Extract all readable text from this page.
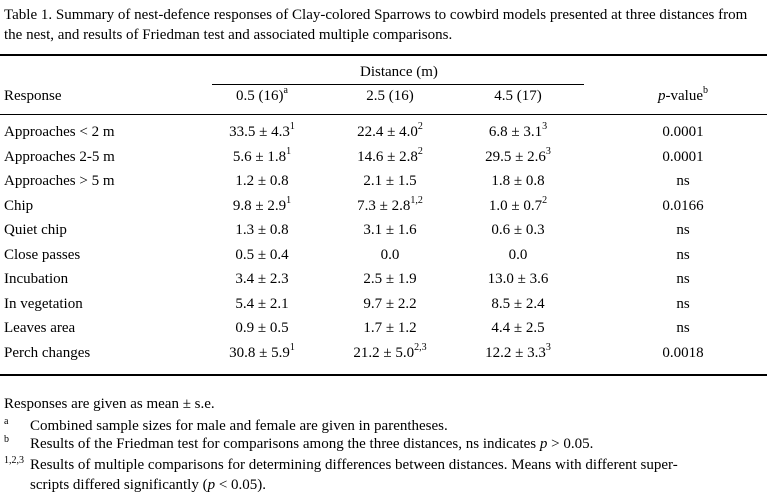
Table 1. Summary of nest-defence responses of Clay-colored Sparrows to cowbird models presented at three distances from the nest, and results of Friedman test and associated multiple comparisons.
Distance (m)
Response	0.5 $(16)^a$	2.5 (16)	4.5 (17)	p-value$^b$
Approaches < 2 m	$33.5 \pm 4.3^1$	$22.4 \pm 4.0^2$	$6.8 \pm 3.1^3$	0.0001
Approaches 2-5 m	$5.6 \pm 1.8^1$	$14.6 \pm 2.8^2$	$29.5 \pm 2.6^3$	0.0001
Approaches > 5 m	1.2 ± 0.8	2.1 ± 1.5	1.8 ± 0.8	ns
Chip	$9.8 \pm 2.9^1$	$7.3 \pm 2.8^{1,2}$	$1.0 \pm 0.7^2$	0.0166
Quiet chip	1.3 ± 0.8	3.1 ± 1.6	0.6 ± 0.3	ns
Close passes	0.5 ± 0.4	0.0	0.0	ns
Incubation	3.4 ± 2.3	2.5 ± 1.9	13.0 ± 3.6	ns
In vegetation	5.4 ± 2.1	9.7 ± 2.2	8.5 ± 2.4	ns
Leaves area	0.9 ± 0.5	1.7 ± 1.2	4.4 ± 2.5	ns
Perch changes	$30.8 \pm 5.9^1$	$21.2 \pm 5.0^{2,3}$	$12.2 \pm 3.3^3$	0.0018
Responses are given as mean ± s.e.
a Combined sample sizes for male and female are given in parentheses.
b Results of the Friedman test for comparisons among the three distances, ns indicates p > 0.05.
1,2,3 Results of multiple comparisons for determining differences between distances. Means with different super-
scripts differed significantly (p < 0.05).
